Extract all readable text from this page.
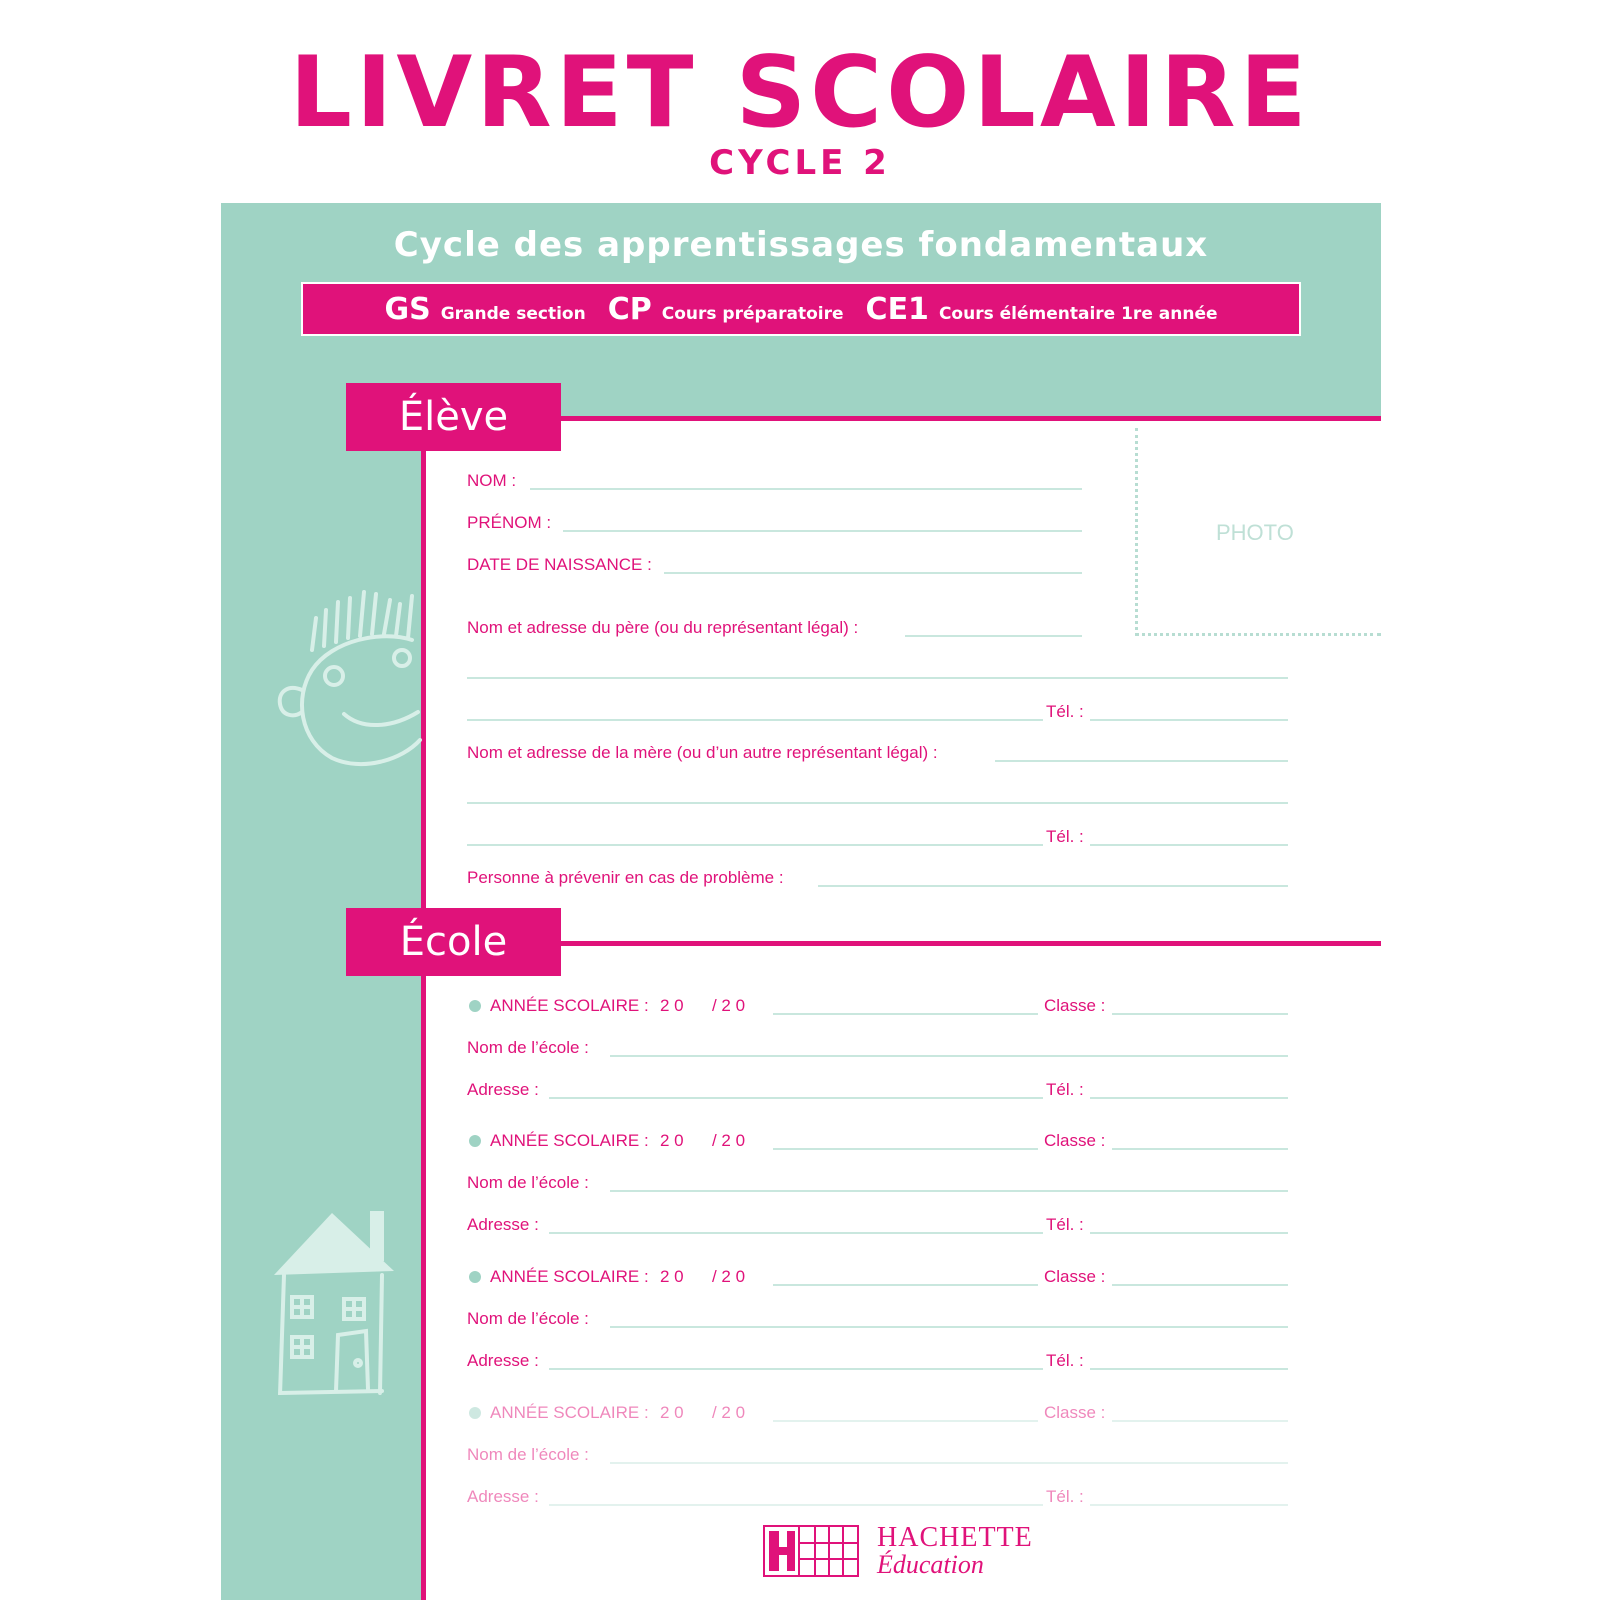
LIVRET SCOLAIRE
CYCLE 2
Cycle des apprentissages fondamentaux
GS Grande section CP Cours préparatoire CE1 Cours élémentaire 1re année
Élève
École
PHOTO
NOM :
PRÉNOM :
DATE DE NAISSANCE :
Nom et adresse du père (ou du représentant légal) :
Tél. :
Nom et adresse de la mère (ou d’un autre représentant légal) :
Tél. :
Personne à prévenir en cas de problème :
ANNÉE SCOLAIRE : 2 0      / 2 0	Classe :
Nom de l’école :
Adresse :	Tél. :
ANNÉE SCOLAIRE : 2 0      / 2 0	Classe :
Nom de l’école :
Adresse :	Tél. :
ANNÉE SCOLAIRE : 2 0      / 2 0	Classe :
Nom de l’école :
Adresse :	Tél. :
ANNÉE SCOLAIRE : 2 0      / 2 0	Classe :
Nom de l’école :
Adresse :	Tél. :
HACHETTE
Éducation
